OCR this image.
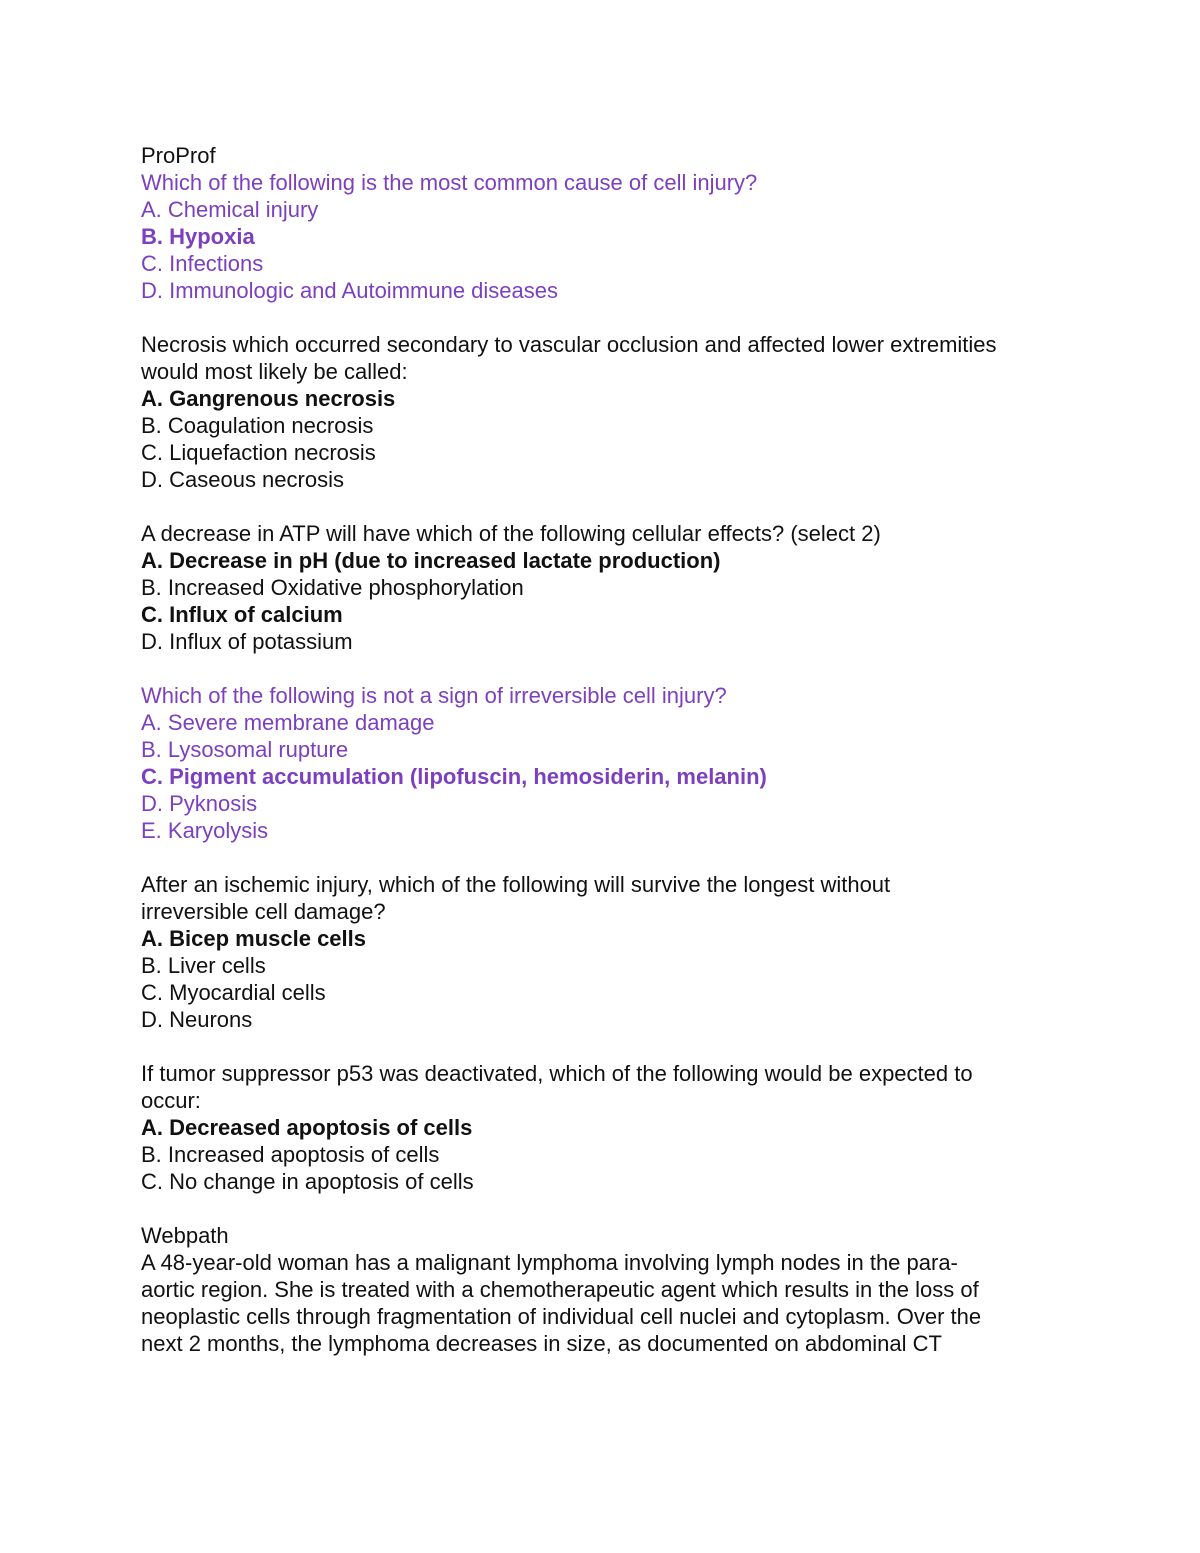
ProProf

Which of the following is the most common cause of cell injury?

A. Chemical injury

B. Hypoxia

C. Infections

D. Immunologic and Autoimmune diseases

Necrosis which occurred secondary to vascular occlusion and affected lower extremities

would most likely be called:

A. Gangrenous necrosis

B. Coagulation necrosis

C. Liquefaction necrosis

D. Caseous necrosis

A decrease in ATP will have which of the following cellular effects? (select 2)

A. Decrease in pH (due to increased lactate production)

B. Increased Oxidative phosphorylation

C. Influx of calcium

D. Influx of potassium

Which of the following is not a sign of irreversible cell injury?

A. Severe membrane damage

B. Lysosomal rupture

C. Pigment accumulation (lipofuscin, hemosiderin, melanin)

D. Pyknosis

E. Karyolysis

After an ischemic injury, which of the following will survive the longest without

irreversible cell damage?

A. Bicep muscle cells

B. Liver cells

C. Myocardial cells

D. Neurons

If tumor suppressor p53 was deactivated, which of the following would be expected to

occur:

A. Decreased apoptosis of cells

B. Increased apoptosis of cells

C. No change in apoptosis of cells

Webpath

A 48-year-old woman has a malignant lymphoma involving lymph nodes in the para-

aortic region. She is treated with a chemotherapeutic agent which results in the loss of

neoplastic cells through fragmentation of individual cell nuclei and cytoplasm. Over the

next 2 months, the lymphoma decreases in size, as documented on abdominal CT
